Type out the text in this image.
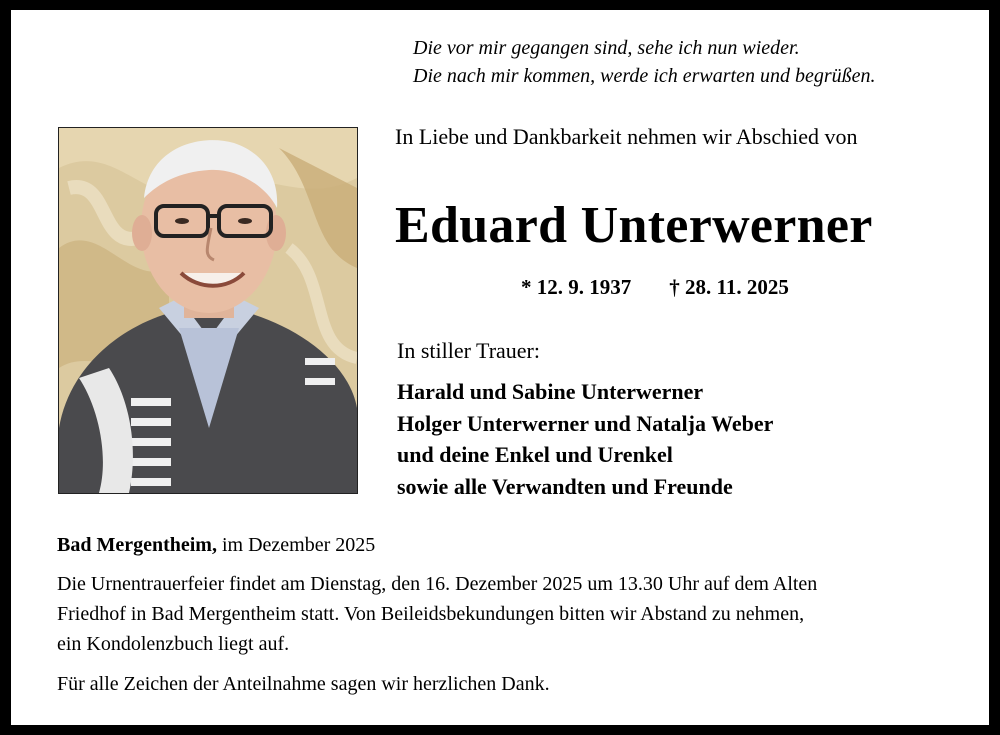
Die vor mir gegangen sind, sehe ich nun wieder.
Die nach mir kommen, werde ich erwarten und begrüßen.
In Liebe und Dankbarkeit nehmen wir Abschied von
Eduard Unterwerner
* 12. 9. 1937 † 28. 11. 2025
In stiller Trauer:
Harald und Sabine Unterwerner
Holger Unterwerner und Natalja Weber
und deine Enkel und Urenkel
sowie alle Verwandten und Freunde
Bad Mergentheim, im Dezember 2025
Die Urnentrauerfeier findet am Dienstag, den 16. Dezember 2025 um 13.30 Uhr auf dem Alten
Friedhof in Bad Mergentheim statt. Von Beileidsbekundungen bitten wir Abstand zu nehmen,
ein Kondolenzbuch liegt auf.
Für alle Zeichen der Anteilnahme sagen wir herzlichen Dank.
